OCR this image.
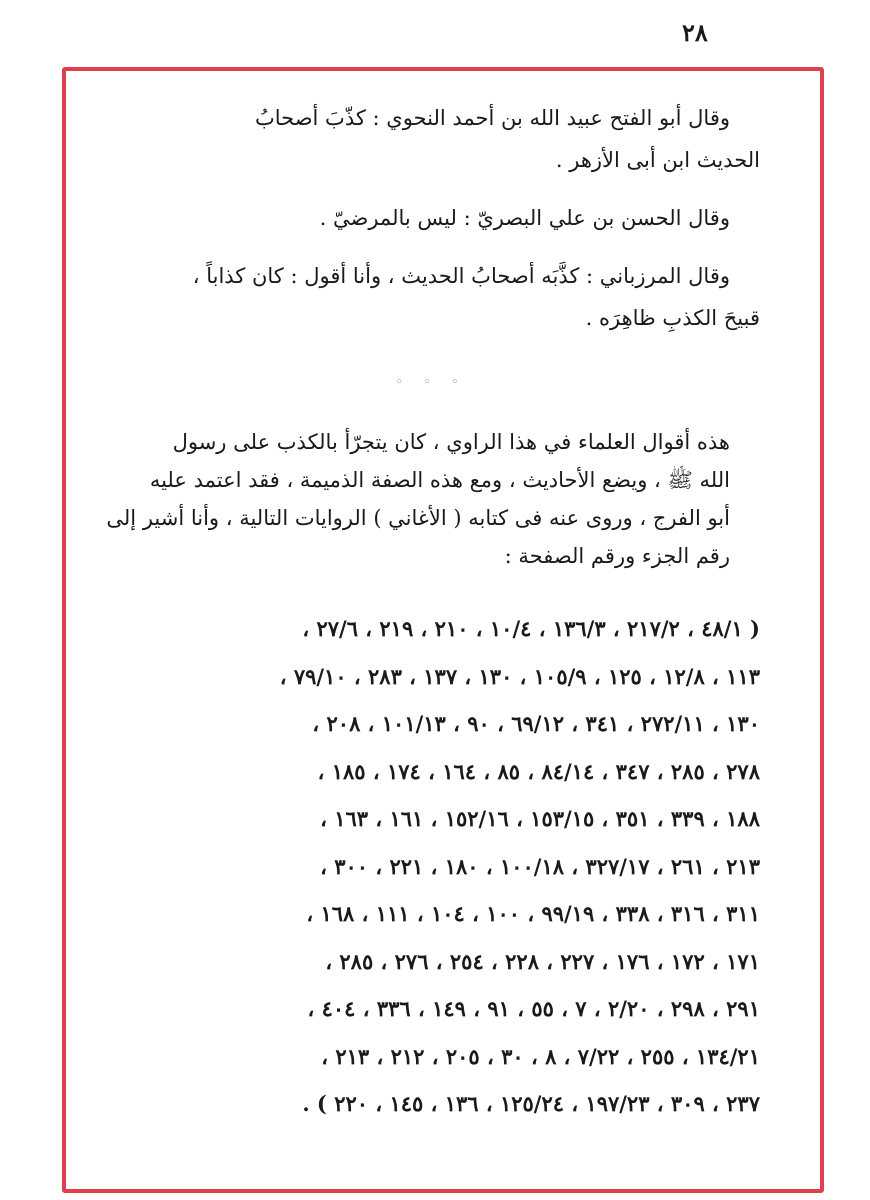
٢٨

وقال أبو الفتح عبيد الله بن أحمد النحوي : كذّبَ أصحابُ
الحديث ابن أبى الأزهر .

وقال الحسن بن علي البصريّ : ليس بالمرضيّ .

وقال المرزباني : كذَّبَه أصحابُ الحديث ، وأنا أقول : كان كذاباً ،
قبيحَ الكذبِ ظاهِرَه .

◦ ◦ ◦

هذه أقوال العلماء في هذا الراوي ، كان يتجرّأ بالكذب على رسول
الله ﷺ ، ويضع الأحاديث ، ومع هذه الصفة الذميمة ، فقد اعتمد عليه
أبو الفرج ، وروى عنه فى كتابه ( الأغاني ) الروايات التالية ، وأنا أشير إلى
رقم الجزء ورقم الصفحة :

( ٤٨/١ ، ٢١٧/٢ ، ١٣٦/٣ ، ١٠/٤ ، ٢١٠ ، ٢١٩ ، ٢٧/٦ ،
١١٣ ، ١٢/٨ ، ١٢٥ ، ١٠٥/٩ ، ١٣٠ ، ١٣٧ ، ٢٨٣ ، ٧٩/١٠ ،
١٣٠ ، ٢٧٢/١١ ، ٣٤١ ، ٦٩/١٢ ، ٩٠ ، ١٠١/١٣ ، ٢٠٨ ،
٢٧٨ ، ٢٨٥ ، ٣٤٧ ، ٨٤/١٤ ، ٨٥ ، ١٦٤ ، ١٧٤ ، ١٨٥ ،
١٨٨ ، ٣٣٩ ، ٣٥١ ، ١٥٣/١٥ ، ١٥٢/١٦ ، ١٦١ ، ١٦٣ ،
٢١٣ ، ٢٦١ ، ٣٢٧/١٧ ، ١٠٠/١٨ ، ١٨٠ ، ٢٢١ ، ٣٠٠ ،
٣١١ ، ٣١٦ ، ٣٣٨ ، ٩٩/١٩ ، ١٠٠ ، ١٠٤ ، ١١١ ، ١٦٨ ،
١٧١ ، ١٧٢ ، ١٧٦ ، ٢٢٧ ، ٢٢٨ ، ٢٥٤ ، ٢٧٦ ، ٢٨٥ ،
٢٩١ ، ٢٩٨ ، ٢/٢٠ ، ٧ ، ٥٥ ، ٩١ ، ١٤٩ ، ٣٣٦ ، ٤٠٤ ،
١٣٤/٢١ ، ٢٥٥ ، ٧/٢٢ ، ٨ ، ٣٠ ، ٢٠٥ ، ٢١٢ ، ٢١٣ ،
٢٣٧ ، ٣٠٩ ، ١٩٧/٢٣ ، ١٢٥/٢٤ ، ١٣٦ ، ١٤٥ ، ٢٢٠ ) .
